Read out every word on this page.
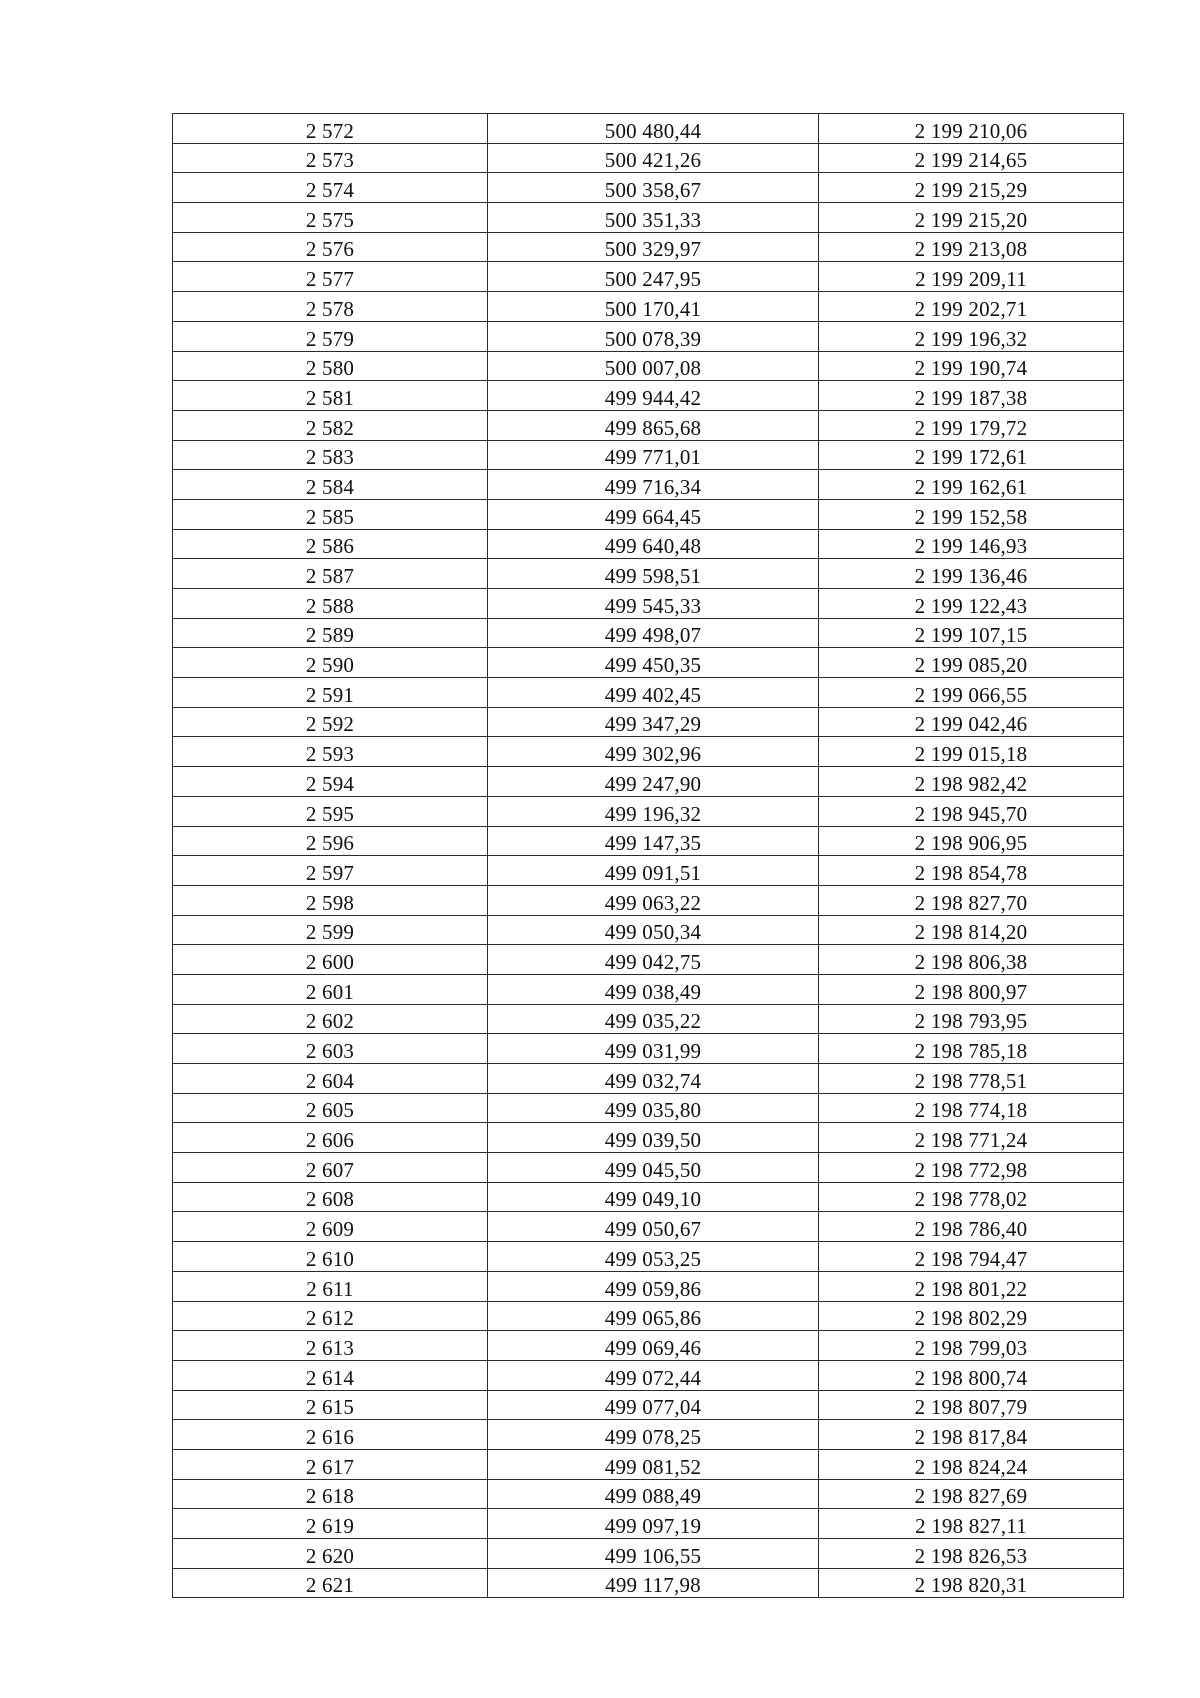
2 572	500 480,44	2 199 210,06
2 573	500 421,26	2 199 214,65
2 574	500 358,67	2 199 215,29
2 575	500 351,33	2 199 215,20
2 576	500 329,97	2 199 213,08
2 577	500 247,95	2 199 209,11
2 578	500 170,41	2 199 202,71
2 579	500 078,39	2 199 196,32
2 580	500 007,08	2 199 190,74
2 581	499 944,42	2 199 187,38
2 582	499 865,68	2 199 179,72
2 583	499 771,01	2 199 172,61
2 584	499 716,34	2 199 162,61
2 585	499 664,45	2 199 152,58
2 586	499 640,48	2 199 146,93
2 587	499 598,51	2 199 136,46
2 588	499 545,33	2 199 122,43
2 589	499 498,07	2 199 107,15
2 590	499 450,35	2 199 085,20
2 591	499 402,45	2 199 066,55
2 592	499 347,29	2 199 042,46
2 593	499 302,96	2 199 015,18
2 594	499 247,90	2 198 982,42
2 595	499 196,32	2 198 945,70
2 596	499 147,35	2 198 906,95
2 597	499 091,51	2 198 854,78
2 598	499 063,22	2 198 827,70
2 599	499 050,34	2 198 814,20
2 600	499 042,75	2 198 806,38
2 601	499 038,49	2 198 800,97
2 602	499 035,22	2 198 793,95
2 603	499 031,99	2 198 785,18
2 604	499 032,74	2 198 778,51
2 605	499 035,80	2 198 774,18
2 606	499 039,50	2 198 771,24
2 607	499 045,50	2 198 772,98
2 608	499 049,10	2 198 778,02
2 609	499 050,67	2 198 786,40
2 610	499 053,25	2 198 794,47
2 611	499 059,86	2 198 801,22
2 612	499 065,86	2 198 802,29
2 613	499 069,46	2 198 799,03
2 614	499 072,44	2 198 800,74
2 615	499 077,04	2 198 807,79
2 616	499 078,25	2 198 817,84
2 617	499 081,52	2 198 824,24
2 618	499 088,49	2 198 827,69
2 619	499 097,19	2 198 827,11
2 620	499 106,55	2 198 826,53
2 621	499 117,98	2 198 820,31
